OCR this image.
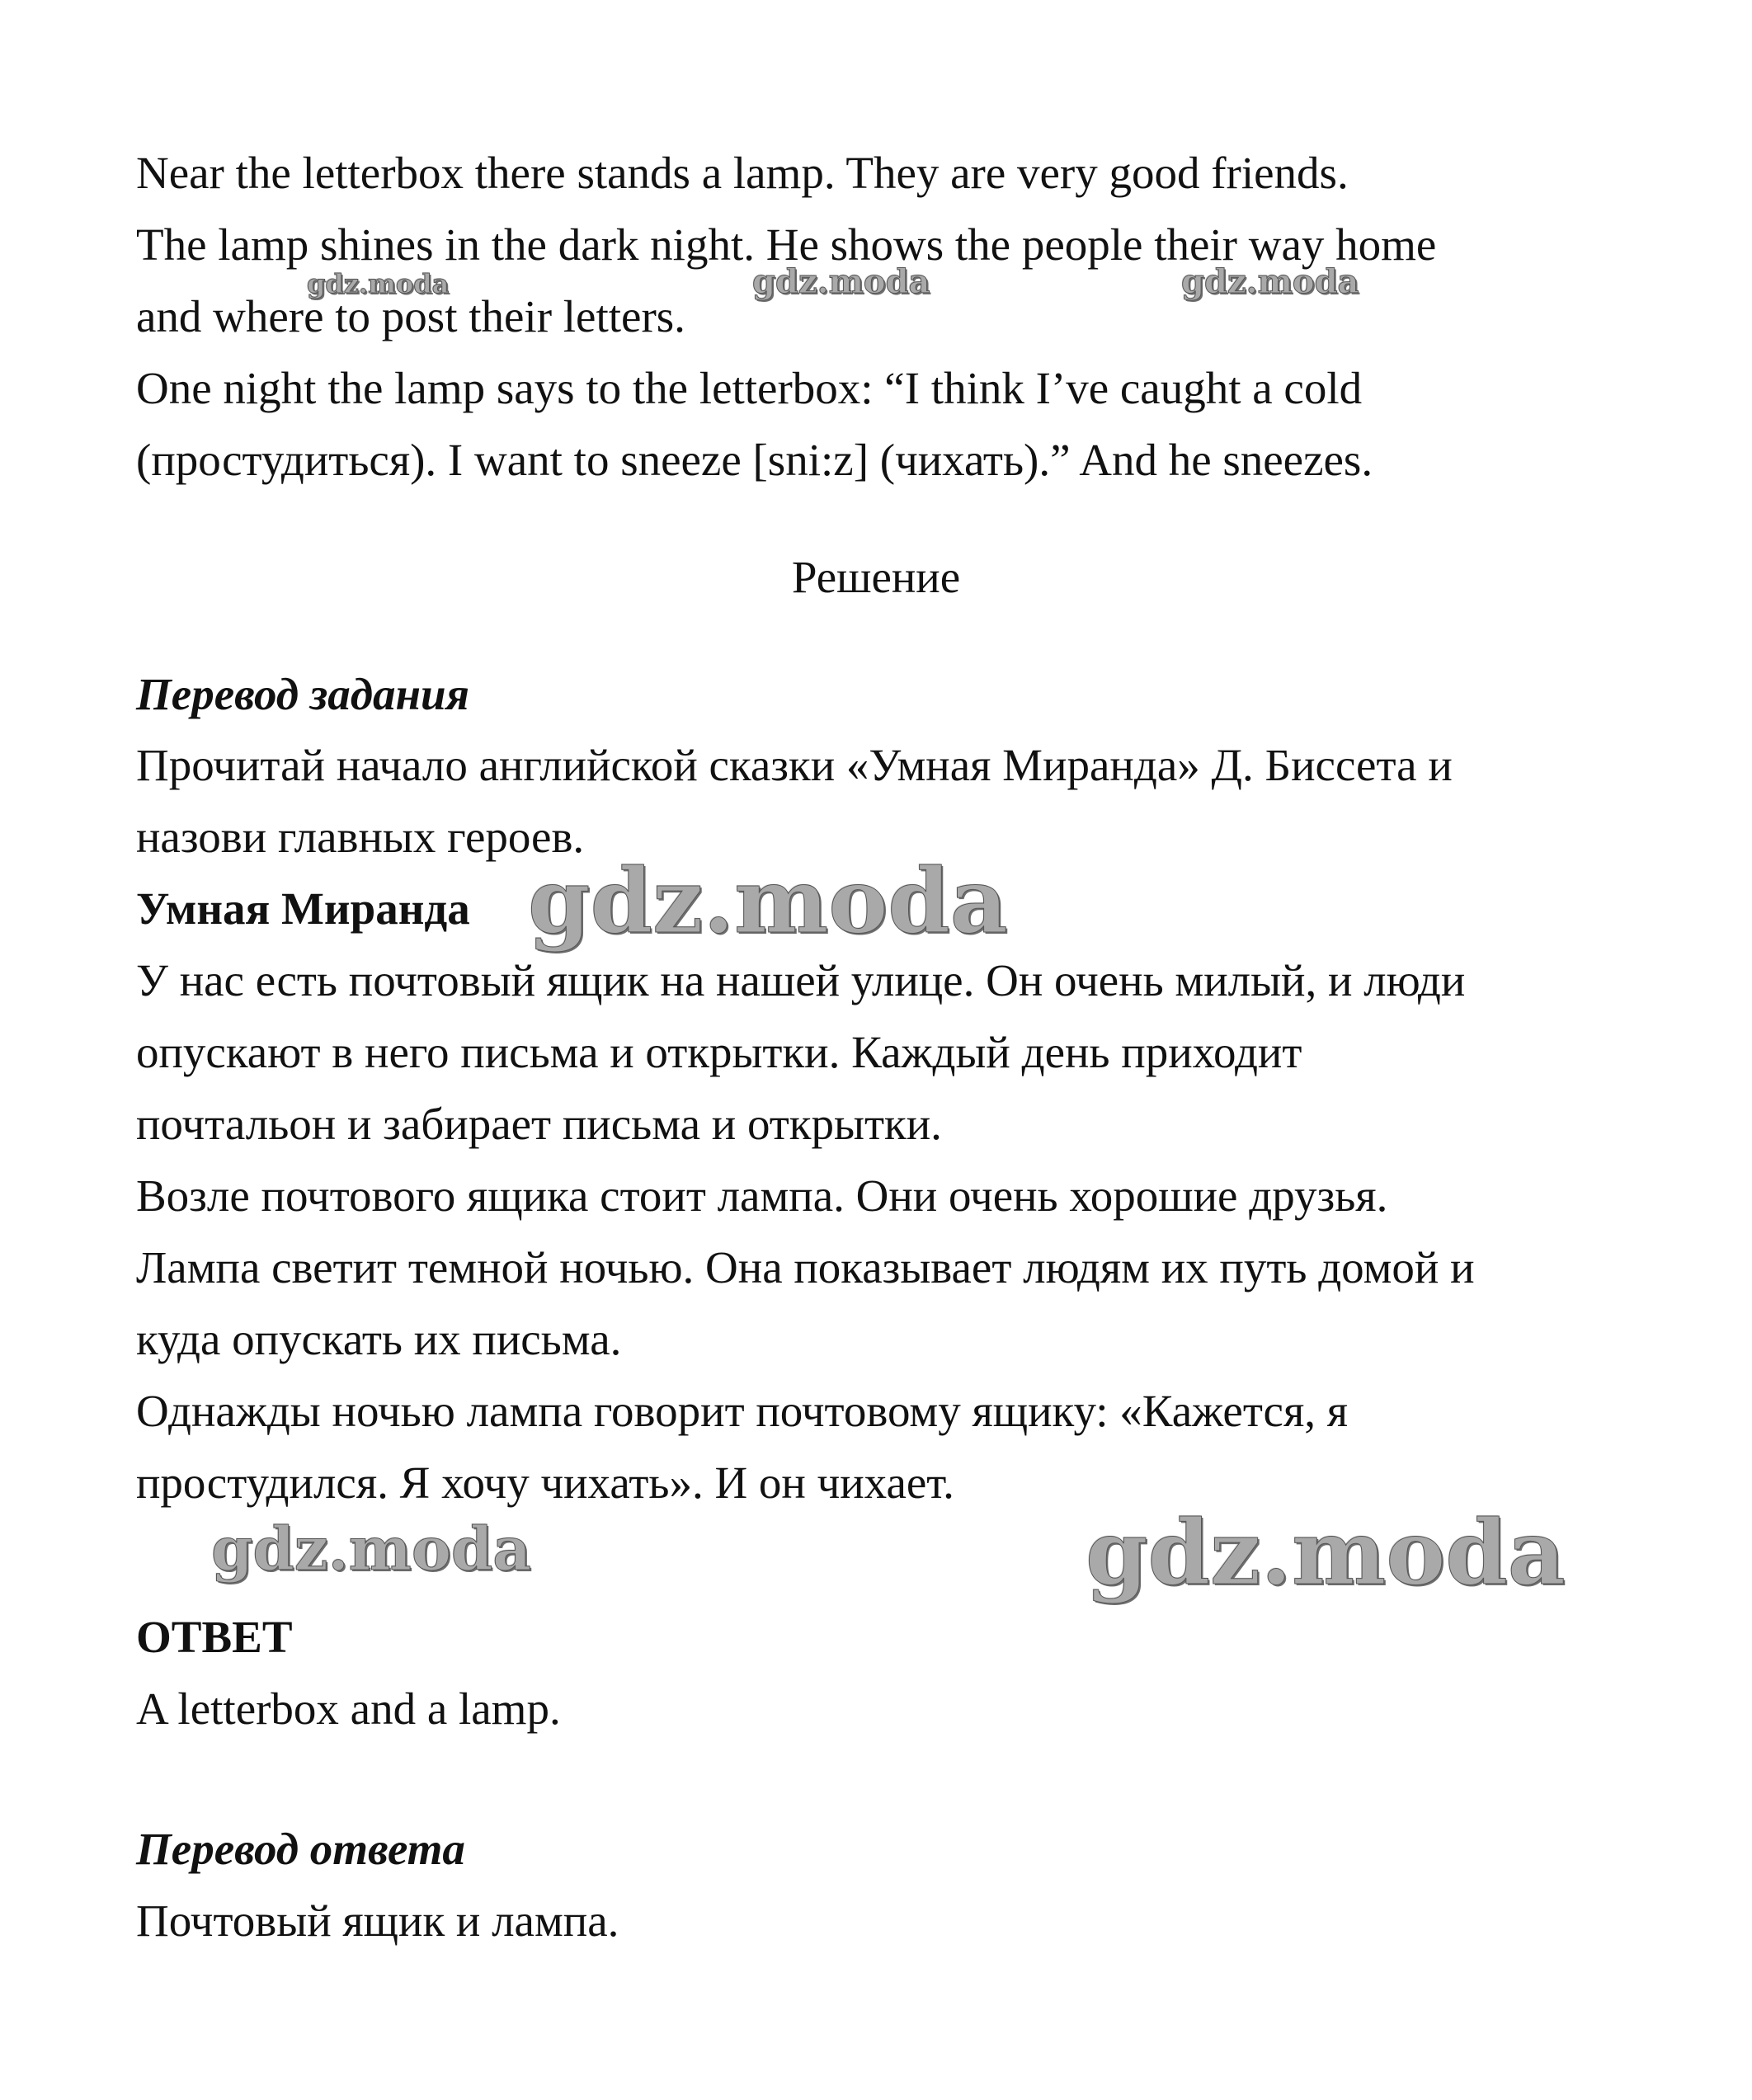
Near the letterbox there stands a lamp. They are very good friends.
The lamp shines in the dark night. He shows the people their way home
and where to post their letters.
One night the lamp says to the letterbox: “I think I’ve caught a cold
(простудиться). I want to sneeze [sni:z] (чихать).” And he sneezes.
Решение
Перевод задания
Прочитай начало английской сказки «Умная Миранда» Д. Биссета и
назови главных героев.
Умная Миранда
У нас есть почтовый ящик на нашей улице. Он очень милый, и люди
опускают в него письма и открытки. Каждый день приходит
почтальон и забирает письма и открытки.
Возле почтового ящика стоит лампа. Они очень хорошие друзья.
Лампа светит темной ночью. Она показывает людям их путь домой и
куда опускать их письма.
Однажды ночью лампа говорит почтовому ящику: «Кажется, я
простудился. Я хочу чихать». И он чихает.
ОТВЕТ
A letterbox and a lamp.
Перевод ответа
Почтовый ящик и лампа.
gdz.moda	gdz.moda	gdz.moda
gdz.moda
gdz.moda	gdz.moda
